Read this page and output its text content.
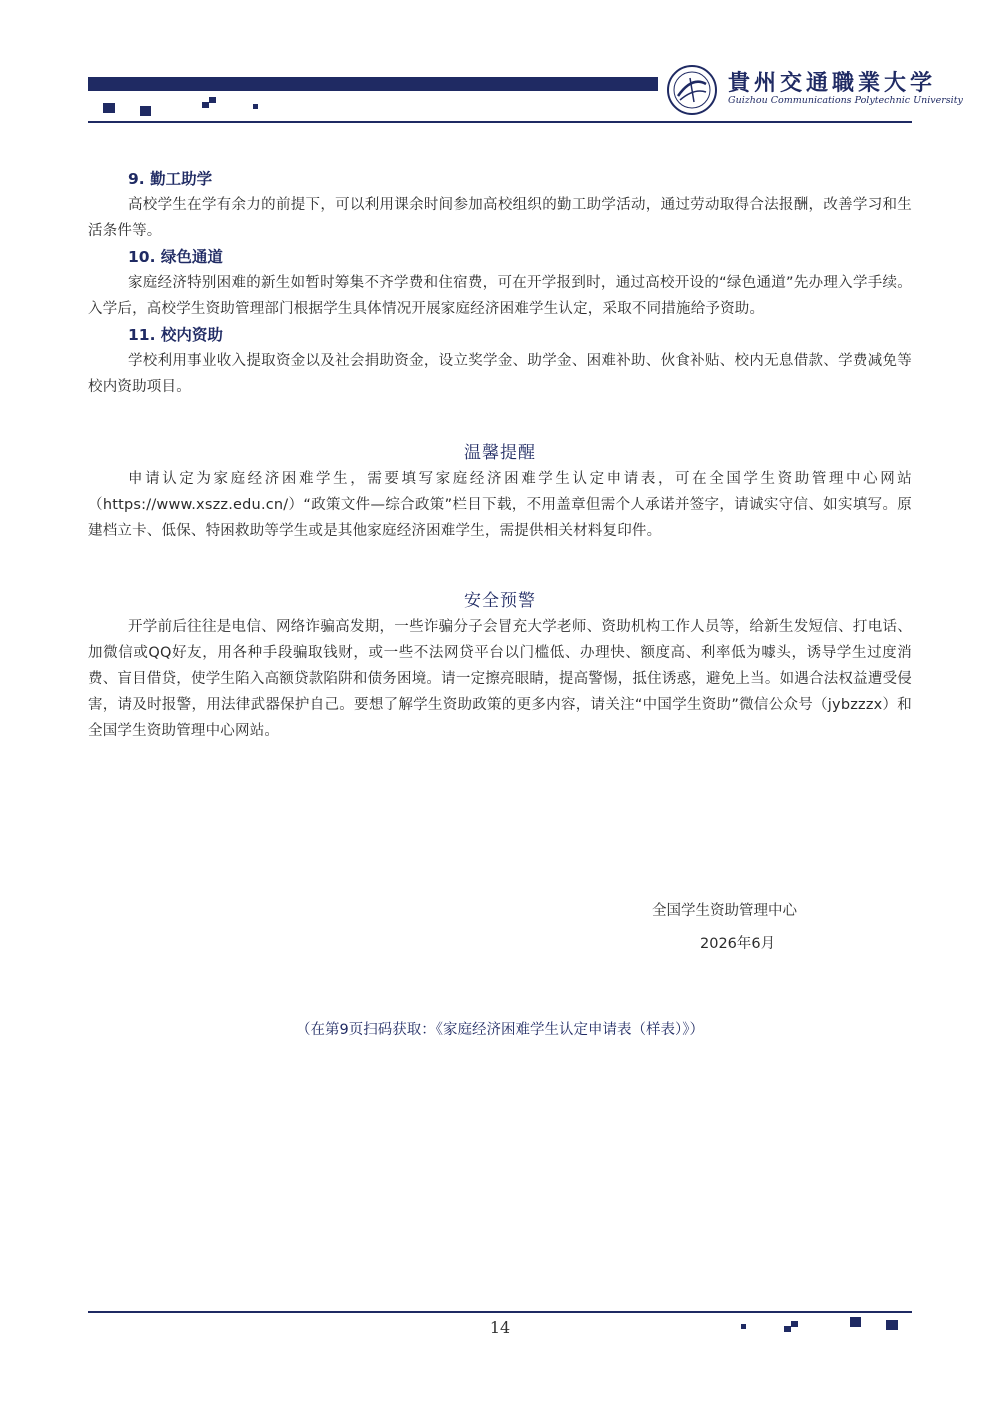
貴州交通職業大学
Guizhou Communications Polytechnic University
9. 勤工助学

高校学生在学有余力的前提下，可以利用课余时间参加高校组织的勤工助学活动，通过劳动取得合法报酬，改善学习和生活条件等。

10. 绿色通道

家庭经济特别困难的新生如暂时筹集不齐学费和住宿费，可在开学报到时，通过高校开设的“绿色通道”先办理入学手续。入学后，高校学生资助管理部门根据学生具体情况开展家庭经济困难学生认定，采取不同措施给予资助。

11. 校内资助

学校利用事业收入提取资金以及社会捐助资金，设立奖学金、助学金、困难补助、伙食补贴、校内无息借款、学费减免等校内资助项目。

温馨提醒

申请认定为家庭经济困难学生，需要填写家庭经济困难学生认定申请表，可在全国学生资助管理中心网站（https://www.xszz.edu.cn/）“政策文件—综合政策”栏目下载，不用盖章但需个人承诺并签字，请诚实守信、如实填写。原建档立卡、低保、特困救助等学生或是其他家庭经济困难学生，需提供相关材料复印件。

安全预警

开学前后往往是电信、网络诈骗高发期，一些诈骗分子会冒充大学老师、资助机构工作人员等，给新生发短信、打电话、加微信或QQ好友，用各种手段骗取钱财，或一些不法网贷平台以门槛低、办理快、额度高、利率低为噱头，诱导学生过度消费、盲目借贷，使学生陷入高额贷款陷阱和债务困境。请一定擦亮眼睛，提高警惕，抵住诱惑，避免上当。如遇合法权益遭受侵害，请及时报警，用法律武器保护自己。要想了解学生资助政策的更多内容，请关注“中国学生资助”微信公众号（jybzzzx）和全国学生资助管理中心网站。

全国学生资助管理中心
2026年6月
（在第9页扫码获取：《家庭经济困难学生认定申请表（样表）》）
14
